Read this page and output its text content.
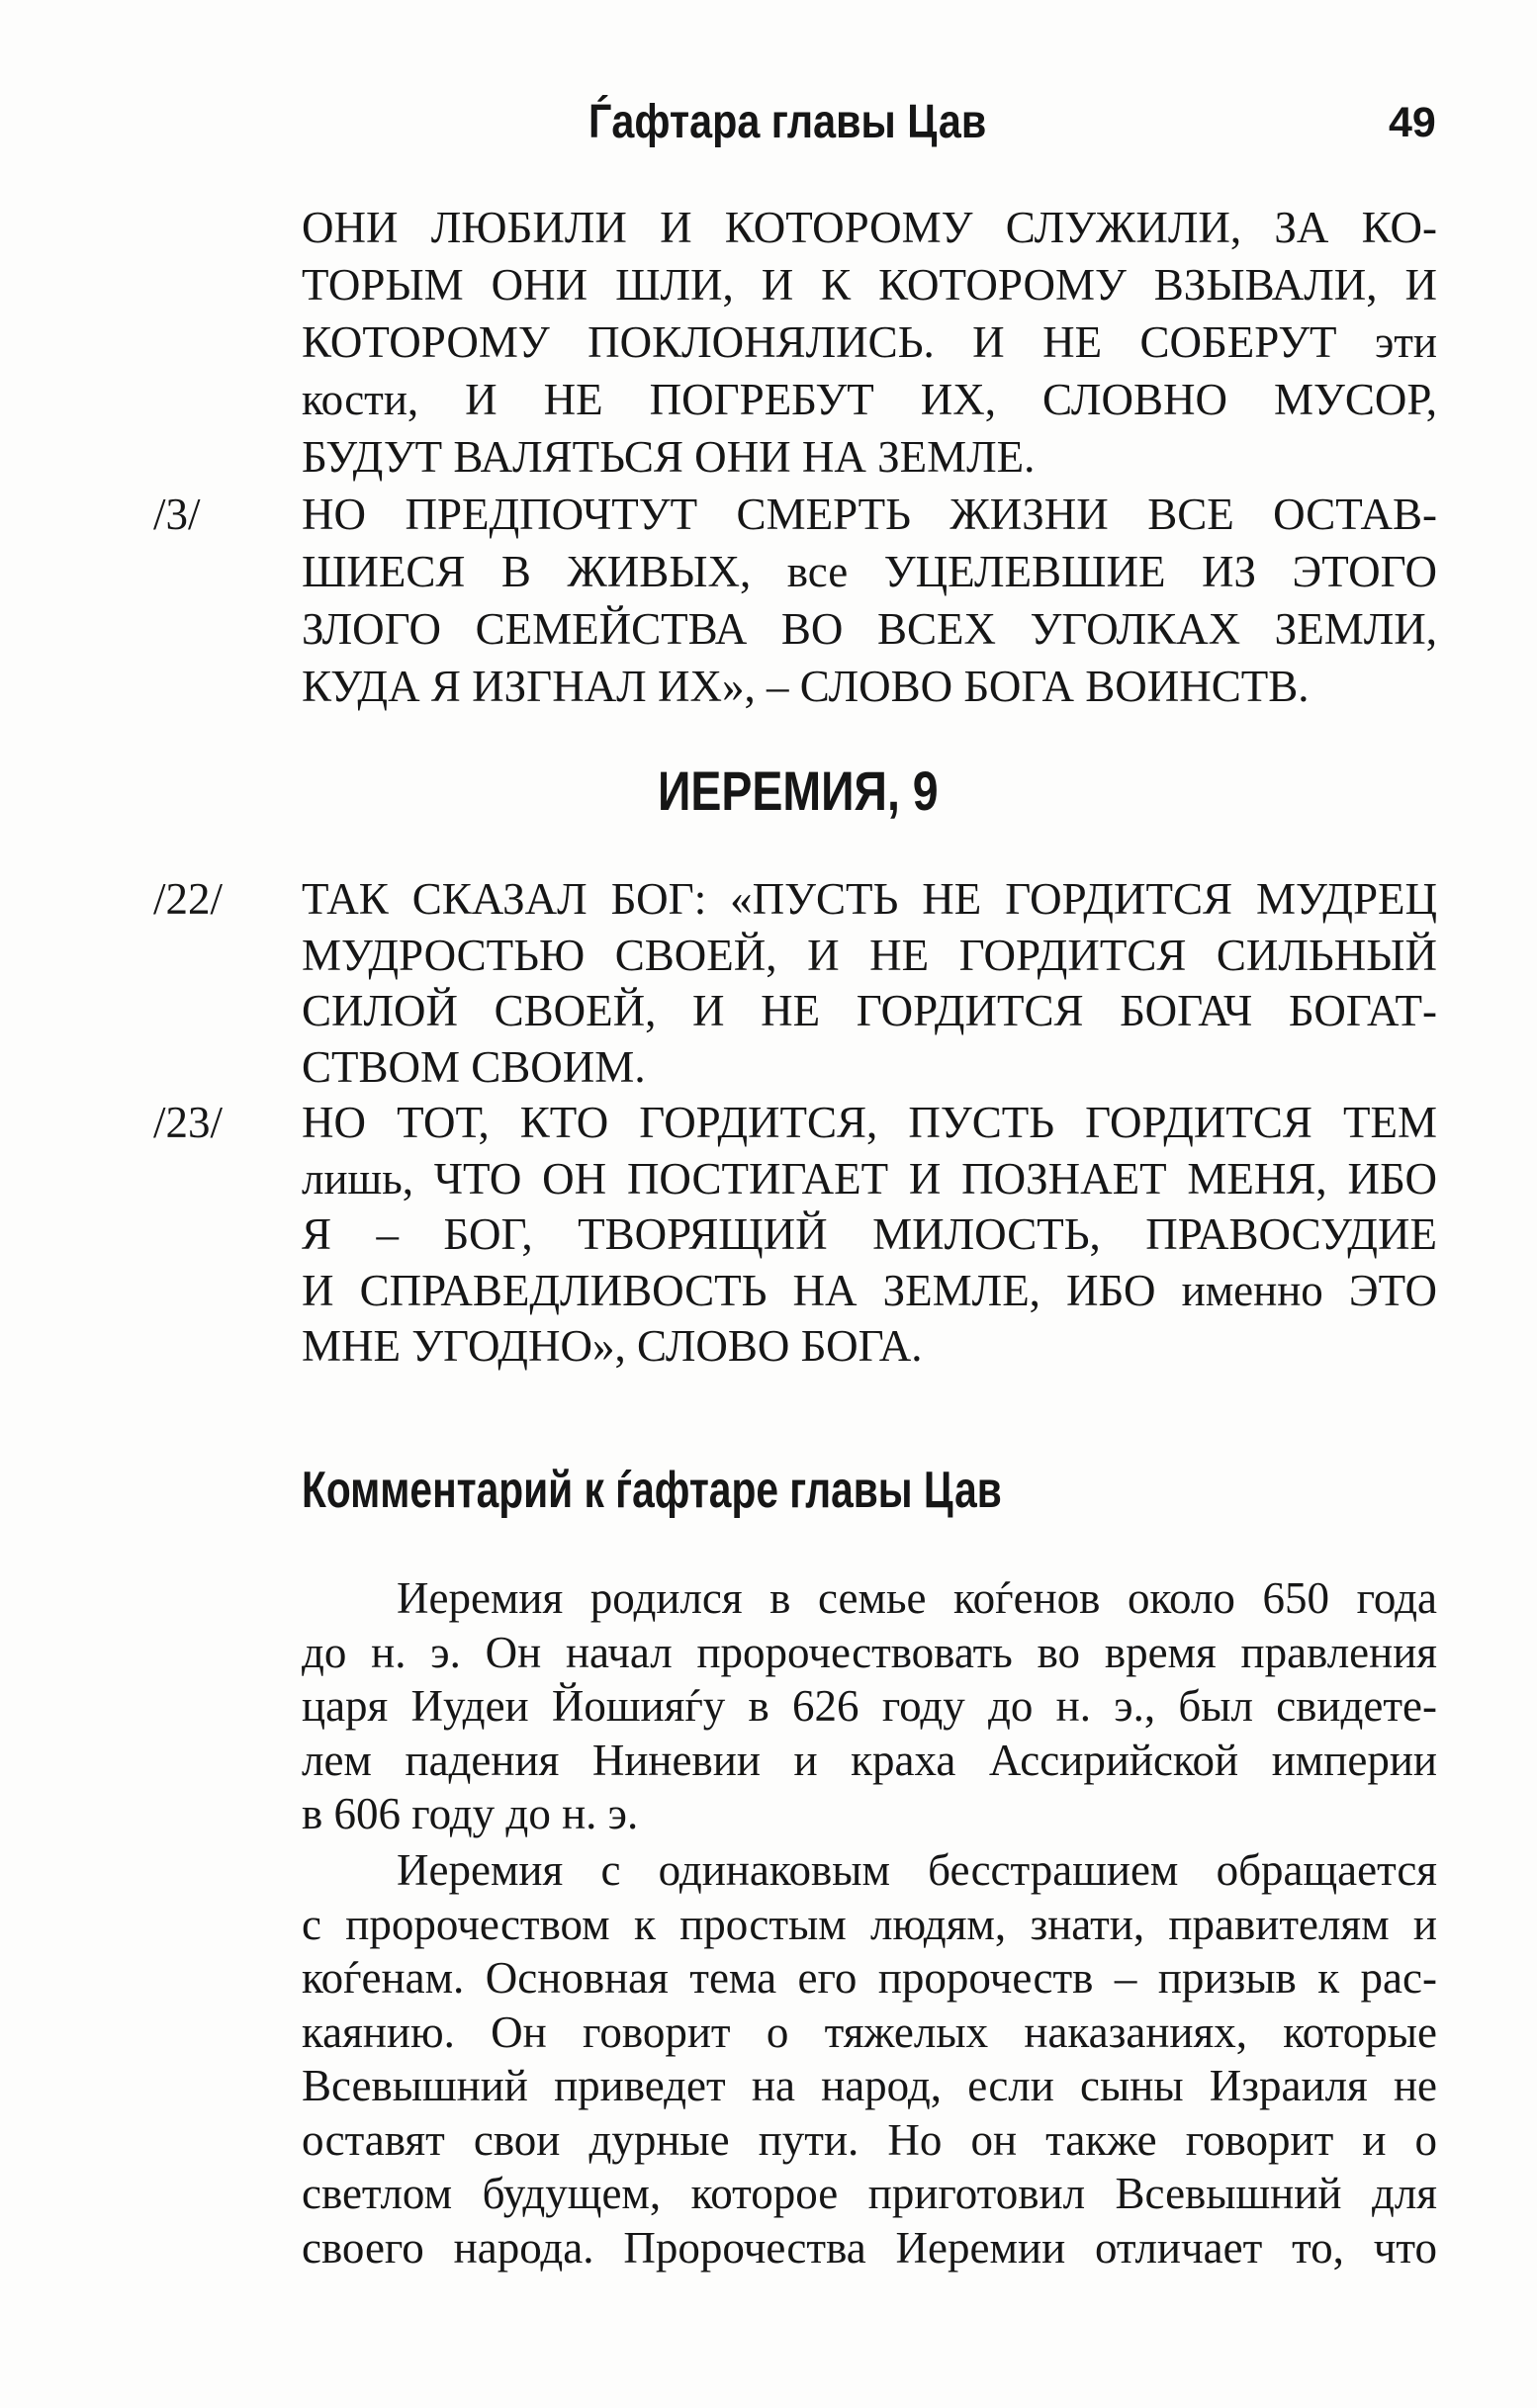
Ѓафтара главы Цав	49
ОНИ ЛЮБИЛИ И КОТОРОМУ СЛУЖИЛИ, ЗА КО-
ТОРЫМ ОНИ ШЛИ, И К КОТОРОМУ ВЗЫВАЛИ, И
КОТОРОМУ ПОКЛОНЯЛИСЬ. И НЕ СОБЕРУТ эти
кости, И НЕ ПОГРЕБУТ ИХ, СЛОВНО МУСОР,
БУДУТ ВАЛЯТЬСЯ ОНИ НА ЗЕМЛЕ.
/3/	НО ПРЕДПОЧТУТ СМЕРТЬ ЖИЗНИ ВСЕ ОСТАВ-
ШИЕСЯ В ЖИВЫХ, все УЦЕЛЕВШИЕ ИЗ ЭТОГО
ЗЛОГО СЕМЕЙСТВА ВО ВСЕХ УГОЛКАХ ЗЕМЛИ,
КУДА Я ИЗГНАЛ ИХ», – СЛОВО БОГА ВОИНСТВ.
ИЕРЕМИЯ, 9
/22/	ТАК СКАЗАЛ БОГ: «ПУСТЬ НЕ ГОРДИТСЯ МУДРЕЦ
МУДРОСТЬЮ СВОЕЙ, И НЕ ГОРДИТСЯ СИЛЬНЫЙ
СИЛОЙ СВОЕЙ, И НЕ ГОРДИТСЯ БОГАЧ БОГАТ-
СТВОМ СВОИМ.
/23/	НО ТОТ, КТО ГОРДИТСЯ, ПУСТЬ ГОРДИТСЯ ТЕМ
лишь, ЧТО ОН ПОСТИГАЕТ И ПОЗНАЕТ МЕНЯ, ИБО
Я – БОГ, ТВОРЯЩИЙ МИЛОСТЬ, ПРАВОСУДИЕ
И СПРАВЕДЛИВОСТЬ НА ЗЕМЛЕ, ИБО именно ЭТО
МНЕ УГОДНО», СЛОВО БОГА.
Комментарий к ѓафтаре главы Цав
Иеремия родился в семье коѓенов около 650 года
до н. э. Он начал пророчествовать во время правления
царя Иудеи Йошияѓу в 626 году до н. э., был свидете-
лем падения Ниневии и краха Ассирийской империи
в 606 году до н. э.
Иеремия с одинаковым бесстрашием обращается
с пророчеством к простым людям, знати, правителям и
коѓенам. Основная тема его пророчеств – призыв к рас-
каянию. Он говорит о тяжелых наказаниях, которые
Всевышний приведет на народ, если сыны Израиля не
оставят свои дурные пути. Но он также говорит и о
светлом будущем, которое приготовил Всевышний для
своего народа. Пророчества Иеремии отличает то, что
